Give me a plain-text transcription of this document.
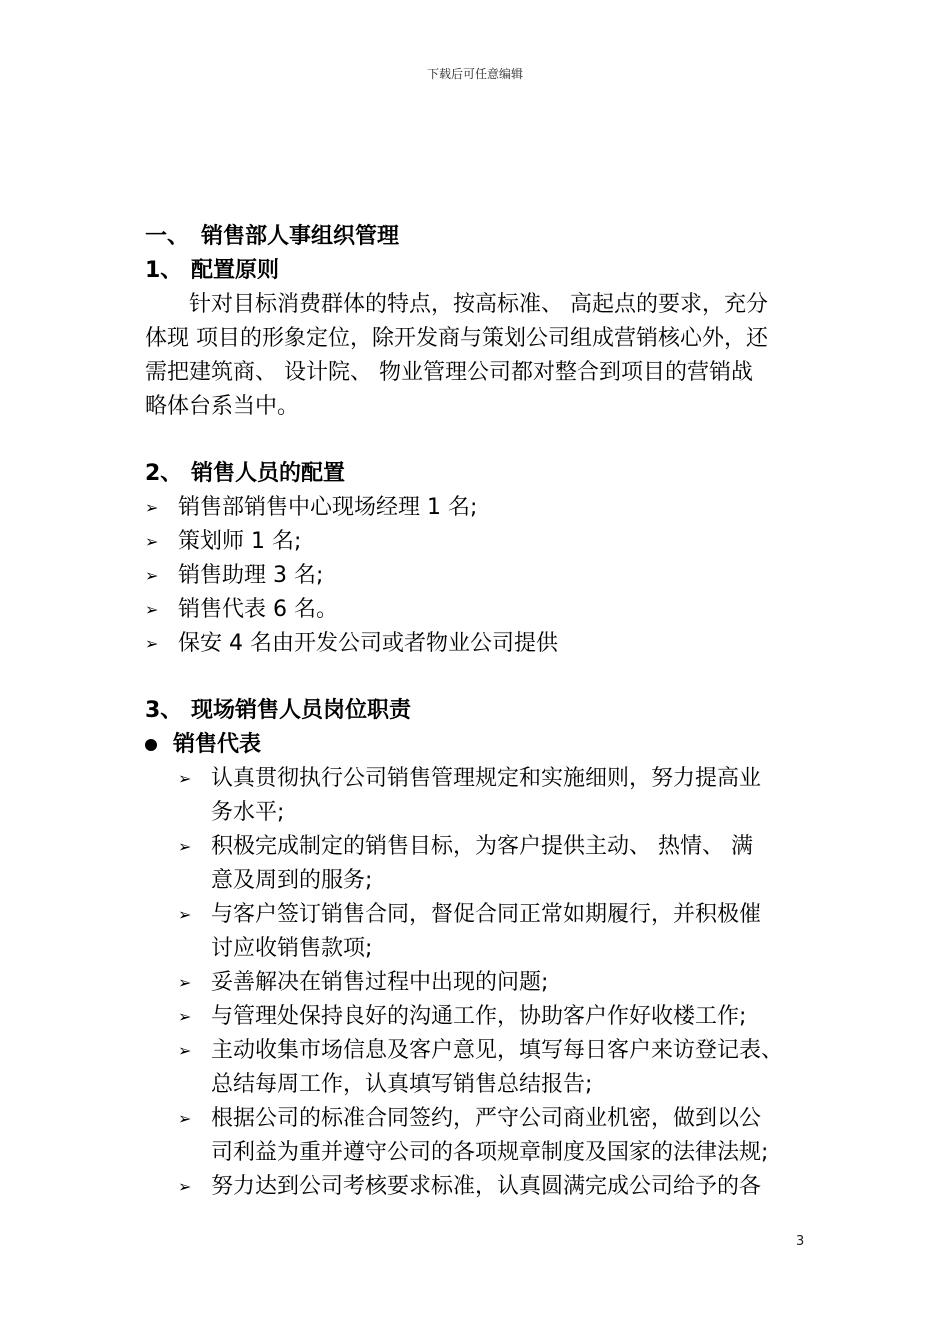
下载后可任意编辑
一、 销售部人事组织管理
1、 配置原则
针对目标消费群体的特点，按高标准、 高起点的要求，充分
体现 项目的形象定位，除开发商与策划公司组成营销核心外，还
需把建筑商、 设计院、 物业管理公司都对整合到项目的营销战
略体台系当中。
2、 销售人员的配置
➢ 销售部销售中心现场经理 1 名;
➢ 策划师 1 名;
➢ 销售助理 3 名;
➢ 销售代表 6 名。
➢ 保安 4 名由开发公司或者物业公司提供
3、 现场销售人员岗位职责
销售代表
➢ 认真贯彻执行公司销售管理规定和实施细则，努力提高业
务水平;
➢ 积极完成制定的销售目标，为客户提供主动、 热情、 满
意及周到的服务;
➢ 与客户签订销售合同，督促合同正常如期履行，并积极催
讨应收销售款项;
➢ 妥善解决在销售过程中出现的问题;
➢ 与管理处保持良好的沟通工作，协助客户作好收楼工作;
➢ 主动收集市场信息及客户意见，填写每日客户来访登记表、
总结每周工作，认真填写销售总结报告;
➢ 根据公司的标准合同签约，严守公司商业机密，做到以公
司利益为重并遵守公司的各项规章制度及国家的法律法规;
➢ 努力达到公司考核要求标准，认真圆满完成公司给予的各
3
